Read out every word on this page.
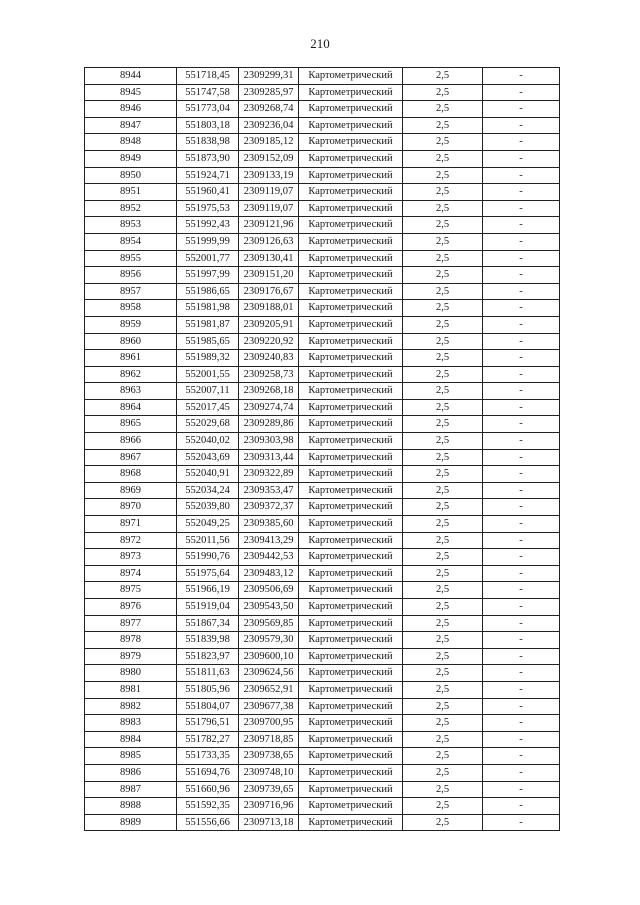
210
8944	551718,45	2309299,31	Картометрический	2,5	-
8945	551747,58	2309285,97	Картометрический	2,5	-
8946	551773,04	2309268,74	Картометрический	2,5	-
8947	551803,18	2309236,04	Картометрический	2,5	-
8948	551838,98	2309185,12	Картометрический	2,5	-
8949	551873,90	2309152,09	Картометрический	2,5	-
8950	551924,71	2309133,19	Картометрический	2,5	-
8951	551960,41	2309119,07	Картометрический	2,5	-
8952	551975,53	2309119,07	Картометрический	2,5	-
8953	551992,43	2309121,96	Картометрический	2,5	-
8954	551999,99	2309126,63	Картометрический	2,5	-
8955	552001,77	2309130,41	Картометрический	2,5	-
8956	551997,99	2309151,20	Картометрический	2,5	-
8957	551986,65	2309176,67	Картометрический	2,5	-
8958	551981,98	2309188,01	Картометрический	2,5	-
8959	551981,87	2309205,91	Картометрический	2,5	-
8960	551985,65	2309220,92	Картометрический	2,5	-
8961	551989,32	2309240,83	Картометрический	2,5	-
8962	552001,55	2309258,73	Картометрический	2,5	-
8963	552007,11	2309268,18	Картометрический	2,5	-
8964	552017,45	2309274,74	Картометрический	2,5	-
8965	552029,68	2309289,86	Картометрический	2,5	-
8966	552040,02	2309303,98	Картометрический	2,5	-
8967	552043,69	2309313,44	Картометрический	2,5	-
8968	552040,91	2309322,89	Картометрический	2,5	-
8969	552034,24	2309353,47	Картометрический	2,5	-
8970	552039,80	2309372,37	Картометрический	2,5	-
8971	552049,25	2309385,60	Картометрический	2,5	-
8972	552011,56	2309413,29	Картометрический	2,5	-
8973	551990,76	2309442,53	Картометрический	2,5	-
8974	551975,64	2309483,12	Картометрический	2,5	-
8975	551966,19	2309506,69	Картометрический	2,5	-
8976	551919,04	2309543,50	Картометрический	2,5	-
8977	551867,34	2309569,85	Картометрический	2,5	-
8978	551839,98	2309579,30	Картометрический	2,5	-
8979	551823,97	2309600,10	Картометрический	2,5	-
8980	551811,63	2309624,56	Картометрический	2,5	-
8981	551805,96	2309652,91	Картометрический	2,5	-
8982	551804,07	2309677,38	Картометрический	2,5	-
8983	551796,51	2309700,95	Картометрический	2,5	-
8984	551782,27	2309718,85	Картометрический	2,5	-
8985	551733,35	2309738,65	Картометрический	2,5	-
8986	551694,76	2309748,10	Картометрический	2,5	-
8987	551660,96	2309739,65	Картометрический	2,5	-
8988	551592,35	2309716,96	Картометрический	2,5	-
8989	551556,66	2309713,18	Картометрический	2,5	-
